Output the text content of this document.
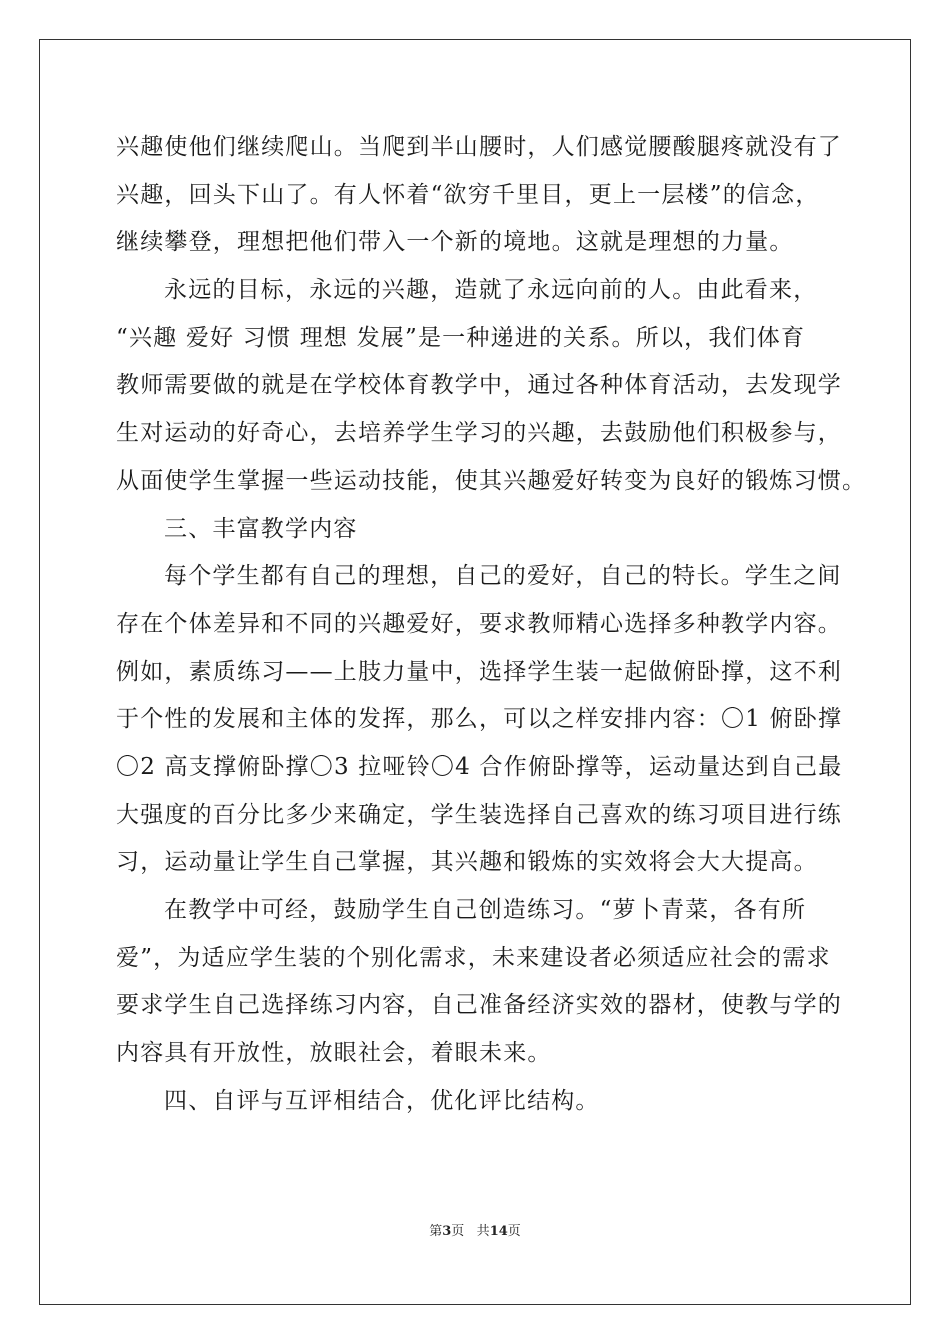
兴趣使他们继续爬山。当爬到半山腰时，人们感觉腰酸腿疼就没有了
兴趣，回头下山了。有人怀着“欲穷千里目，更上一层楼”的信念，
继续攀登，理想把他们带入一个新的境地。这就是理想的力量。
永远的目标，永远的兴趣，造就了永远向前的人。由此看来，
“兴趣 爱好 习惯 理想 发展”是一种递进的关系。所以，我们体育
教师需要做的就是在学校体育教学中，通过各种体育活动，去发现学
生对运动的好奇心，去培养学生学习的兴趣，去鼓励他们积极参与，
从面使学生掌握一些运动技能，使其兴趣爱好转变为良好的锻炼习惯。
三、丰富教学内容
每个学生都有自己的理想，自己的爱好，自己的特长。学生之间
存在个体差异和不同的兴趣爱好，要求教师精心选择多种教学内容。
例如，素质练习——上肢力量中，选择学生装一起做俯卧撑，这不利
于个性的发展和主体的发挥，那么，可以之样安排内容：〇1 俯卧撑
〇2 高支撑俯卧撑〇3 拉哑铃〇4 合作俯卧撑等，运动量达到自己最
大强度的百分比多少来确定，学生装选择自己喜欢的练习项目进行练
习，运动量让学生自己掌握，其兴趣和锻炼的实效将会大大提高。
在教学中可经，鼓励学生自己创造练习。“萝卜青菜，各有所
爱”，为适应学生装的个别化需求，未来建设者必须适应社会的需求
要求学生自己选择练习内容，自己准备经济实效的器材，使教与学的
内容具有开放性，放眼社会，着眼未来。
四、自评与互评相结合，优化评比结构。
第3页 共14页
